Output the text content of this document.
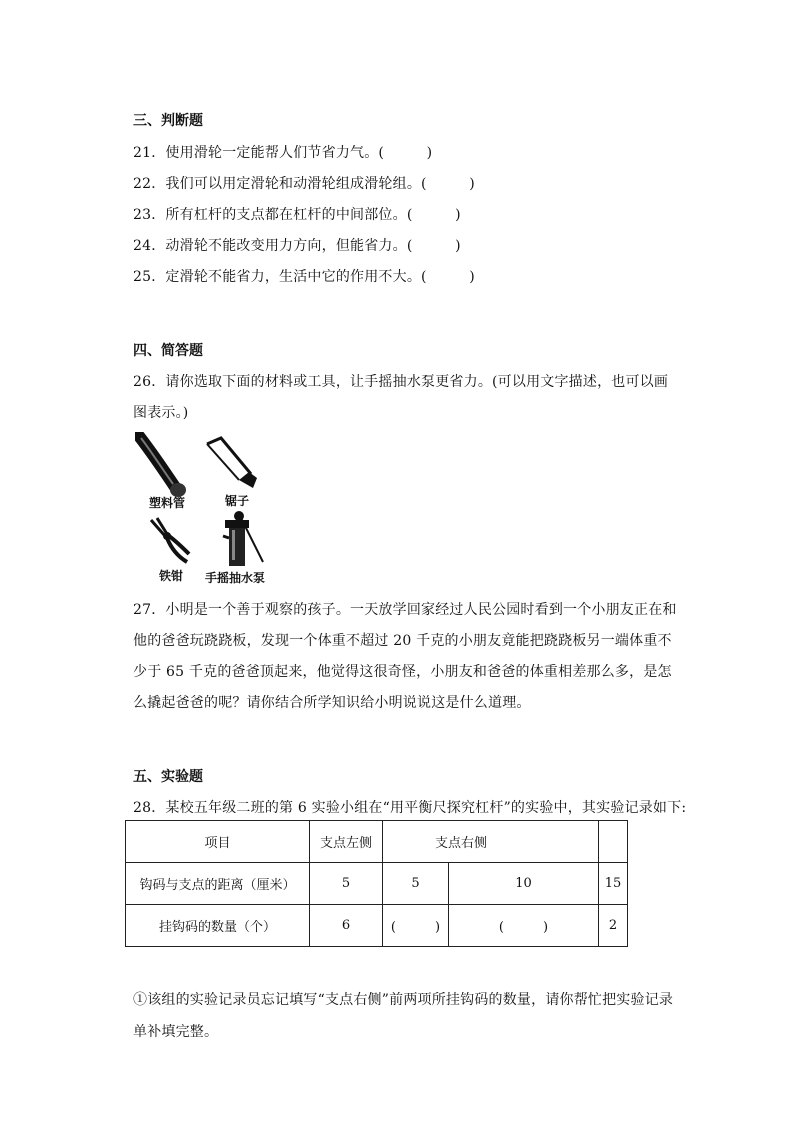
三、判断题
21．使用滑轮一定能帮人们节省力气。(　　　)
22．我们可以用定滑轮和动滑轮组成滑轮组。(　　　)
23．所有杠杆的支点都在杠杆的中间部位。(　　　)
24．动滑轮不能改变用力方向，但能省力。(　　　)
25．定滑轮不能省力，生活中它的作用不大。(　　　)
四、简答题
26．请你选取下面的材料或工具，让手摇抽水泵更省力。(可以用文字描述，也可以画
图表示。)
塑料管	锯子
铁钳 手摇抽水泵
27．小明是一个善于观察的孩子。一天放学回家经过人民公园时看到一个小朋友正在和
他的爸爸玩跷跷板，发现一个体重不超过 20 千克的小朋友竟能把跷跷板另一端体重不
少于 65 千克的爸爸顶起来，他觉得这很奇怪，小朋友和爸爸的体重相差那么多，是怎
么撬起爸爸的呢？请你结合所学知识给小明说说这是什么道理。
五、实验题
28．某校五年级二班的第 6 实验小组在“用平衡尺探究杠杆”的实验中，其实验记录如下:
项目	支点左侧	支点右侧		
钩码与支点的距离（厘米）	5	5	10	15
挂钩码的数量（个）	6	(　　　)	(　　　)	2
①该组的实验记录员忘记填写“支点右侧”前两项所挂钩码的数量，请你帮忙把实验记录
单补填完整。
